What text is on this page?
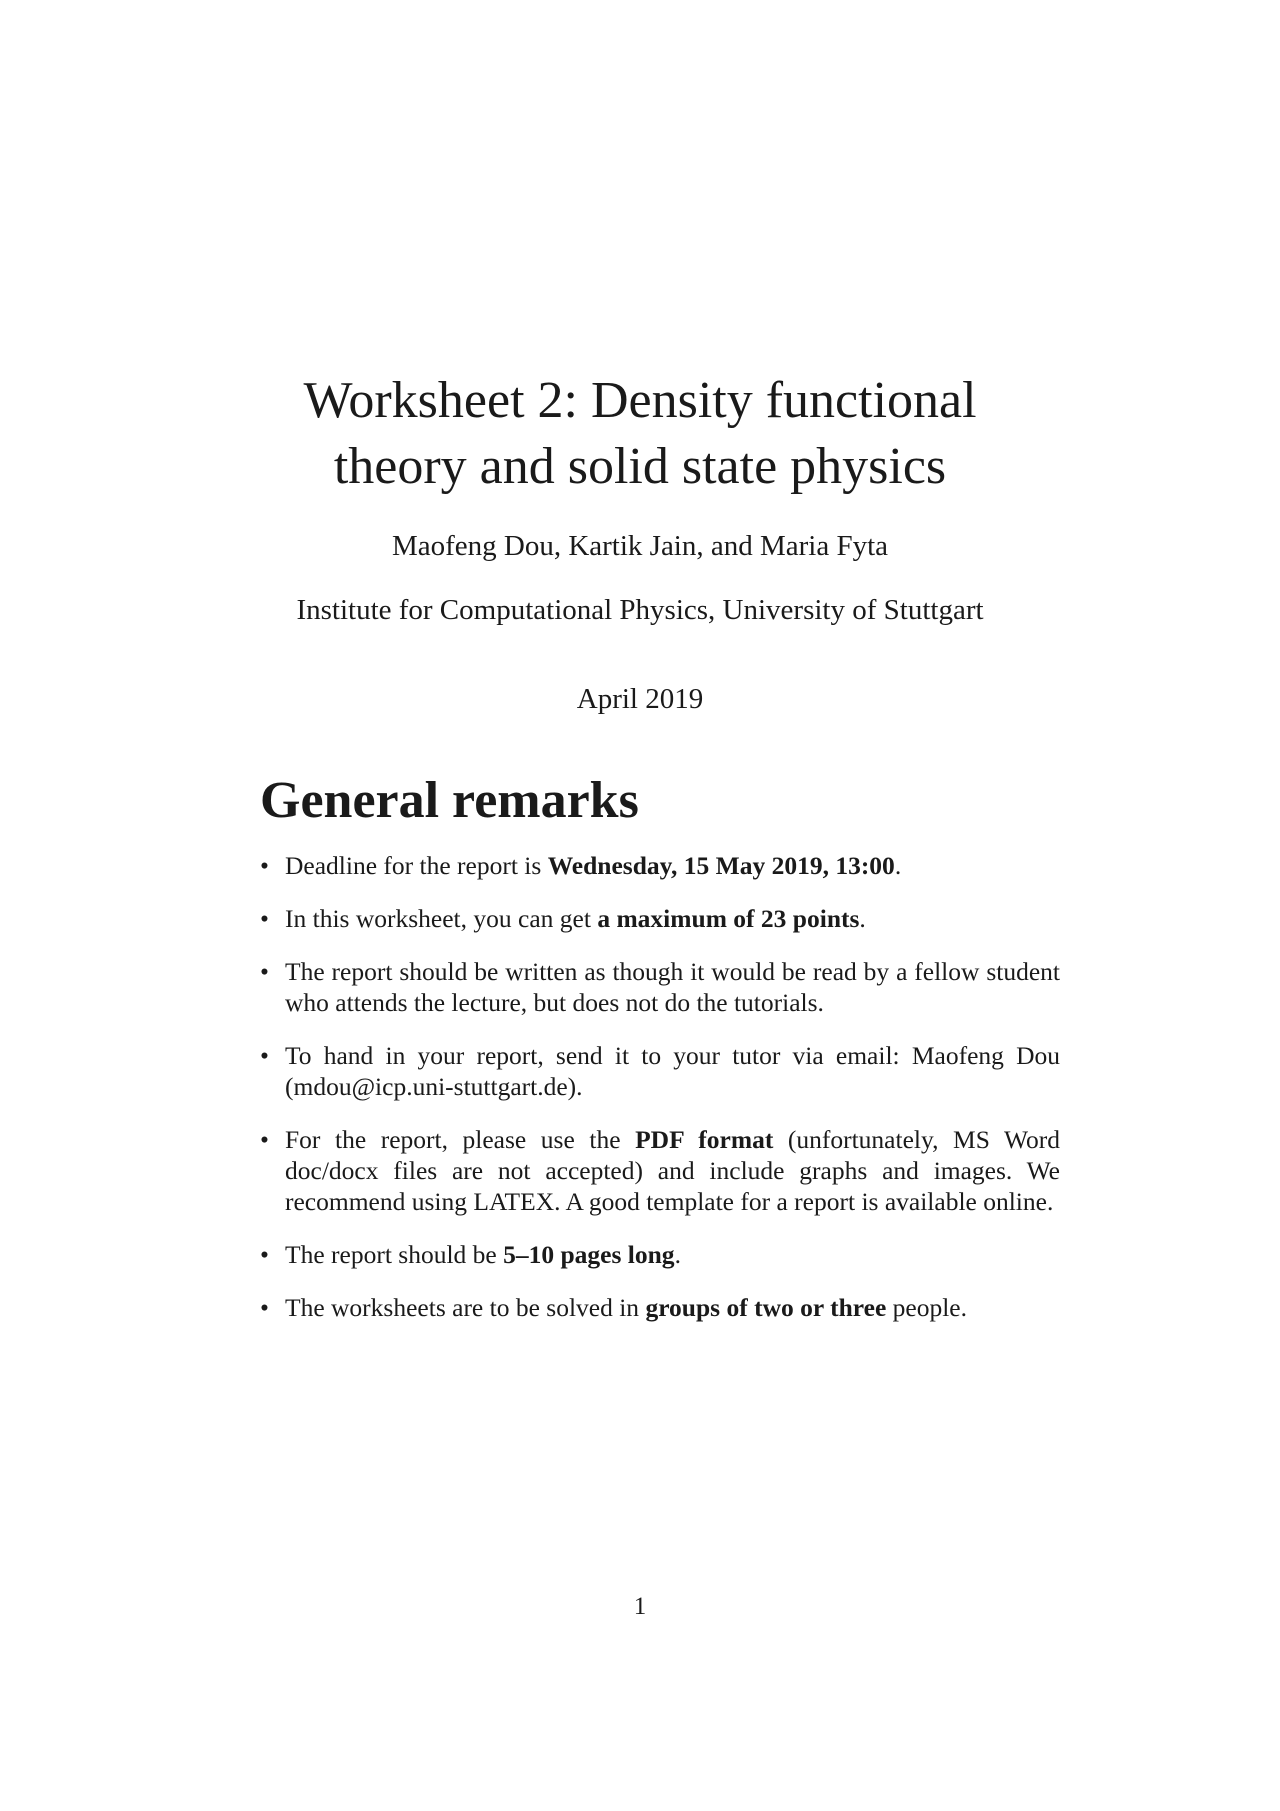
Worksheet 2: Density functional
theory and solid state physics
Maofeng Dou, Kartik Jain, and Maria Fyta
Institute for Computational Physics, University of Stuttgart
April 2019
General remarks
• Deadline for the report is Wednesday, 15 May 2019, 13:00.
• In this worksheet, you can get a maximum of 23 points.
• The report should be written as though it would be read by a fellow student who attends the lecture, but does not do the tutorials.
• To hand in your report, send it to your tutor via email: Maofeng Dou (mdou@icp.uni-stuttgart.de).
• For the report, please use the PDF format (unfortunately, MS Word doc/docx files are not accepted) and include graphs and images. We recommend using LATEX. A good template for a report is available online.
• The report should be 5–10 pages long.
• The worksheets are to be solved in groups of two or three people.
1
